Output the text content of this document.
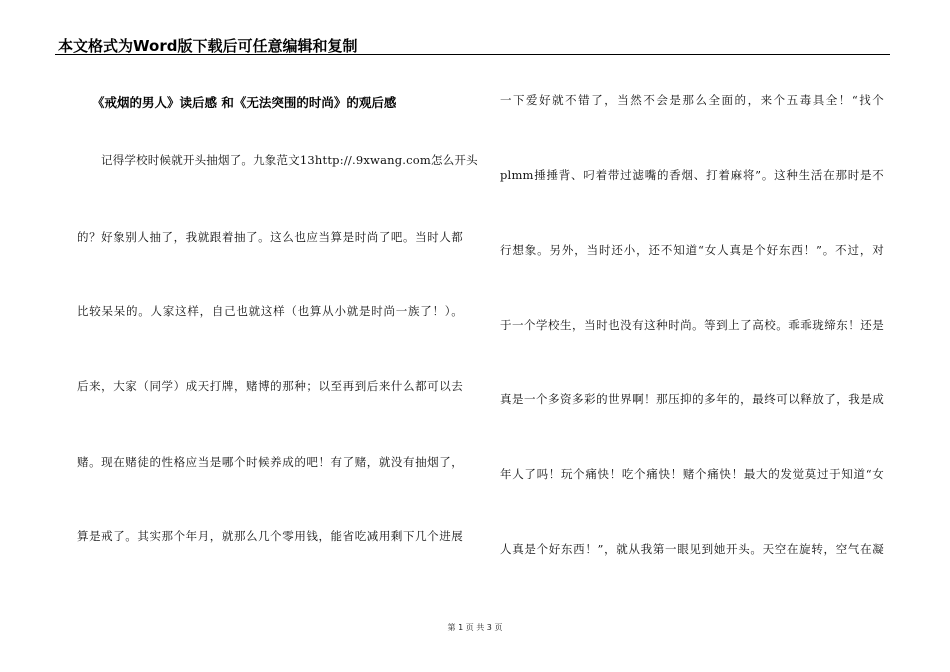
本文格式为Word版下载后可任意编辑和复制
《戒烟的男人》读后感 和《无法突围的时尚》的观后感
记得学校时候就开头抽烟了。九象范文13http://.9xwang.com怎么开头
的？好象别人抽了，我就跟着抽了。这么也应当算是时尚了吧。当时人都
比较呆呆的。人家这样，自己也就这样（也算从小就是时尚一族了！）。
后来，大家（同学）成天打牌，赌博的那种；以至再到后来什么都可以去
赌。现在赌徒的性格应当是哪个时候养成的吧！有了赌，就没有抽烟了，
算是戒了。其实那个年月，就那么几个零用钱，能省吃减用剩下几个进展
一下爱好就不错了，当然不会是那么全面的，来个五毒具全！“找个
plmm捶捶背、叼着带过滤嘴的香烟、打着麻将”。这种生活在那时是不
行想象。另外，当时还小，还不知道“女人真是个好东西！”。不过，对
于一个学校生，当时也没有这种时尚。等到上了高校。乖乖珑缔东！还是
真是一个多资多彩的世界啊！那压抑的多年的，最终可以释放了，我是成
年人了吗！玩个痛快！吃个痛快！赌个痛快！最大的发觉莫过于知道“女
人真是个好东西！”，就从我第一眼见到她开头。天空在旋转，空气在凝
第 1 页 共 3 页
